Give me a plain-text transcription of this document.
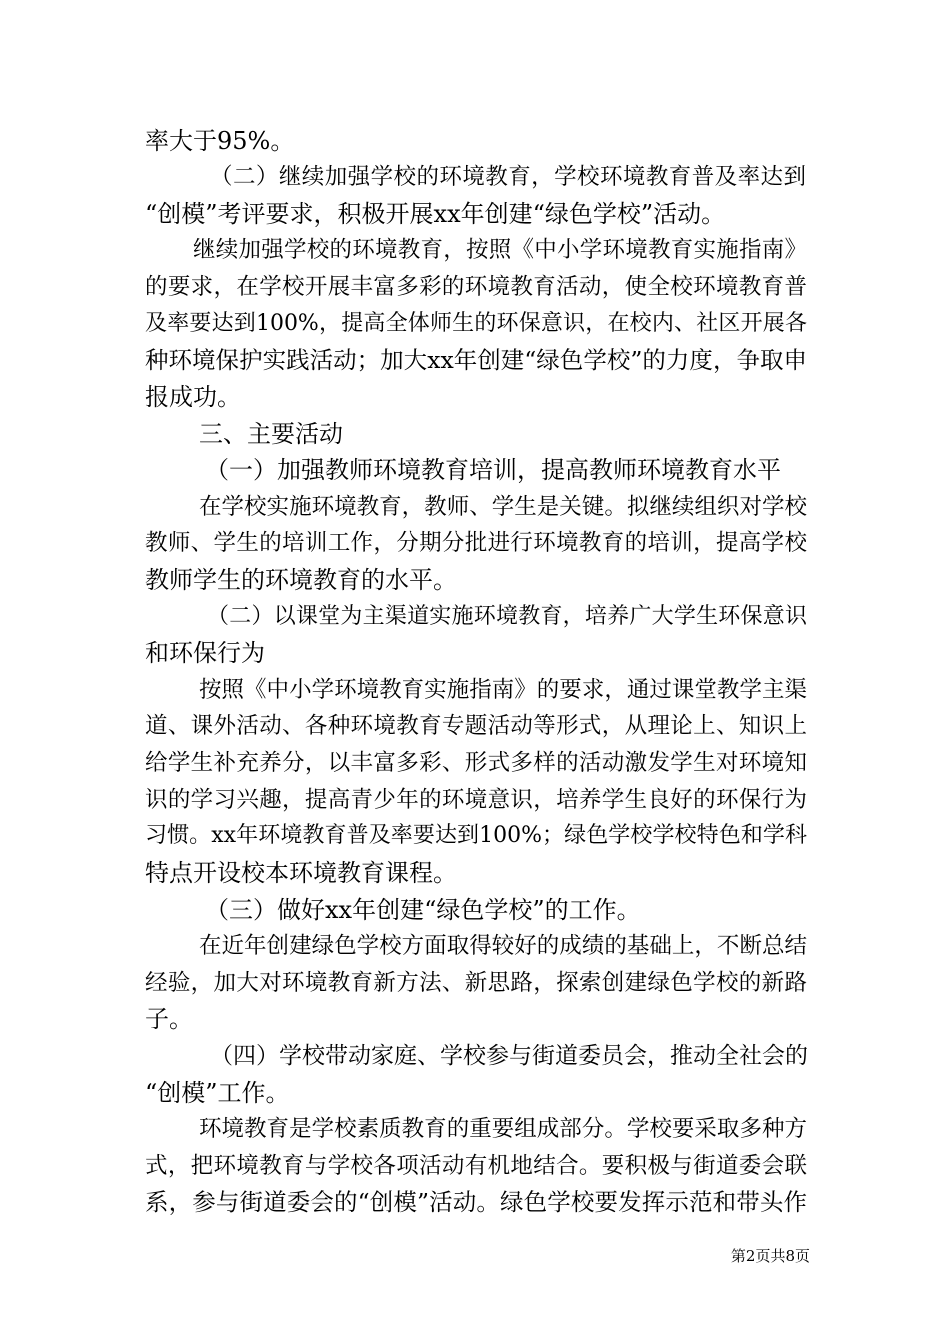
率大于95%。
（二）继续加强学校的环境教育，学校环境教育普及率达到
“创模”考评要求，积极开展xx年创建“绿色学校”活动。
继续加强学校的环境教育，按照《中小学环境教育实施指南》
的要求，在学校开展丰富多彩的环境教育活动，使全校环境教育普
及率要达到100%，提高全体师生的环保意识，在校内、社区开展各
种环境保护实践活动；加大xx年创建“绿色学校”的力度，争取申
报成功。
三、主要活动
（一）加强教师环境教育培训，提高教师环境教育水平
在学校实施环境教育，教师、学生是关键。拟继续组织对学校
教师、学生的培训工作，分期分批进行环境教育的培训，提高学校
教师学生的环境教育的水平。
（二）以课堂为主渠道实施环境教育，培养广大学生环保意识
和环保行为
按照《中小学环境教育实施指南》的要求，通过课堂教学主渠
道、课外活动、各种环境教育专题活动等形式，从理论上、知识上
给学生补充养分，以丰富多彩、形式多样的活动激发学生对环境知
识的学习兴趣，提高青少年的环境意识，培养学生良好的环保行为
习惯。xx年环境教育普及率要达到100%；绿色学校学校特色和学科
特点开设校本环境教育课程。
（三）做好xx年创建“绿色学校”的工作。
在近年创建绿色学校方面取得较好的成绩的基础上，不断总结
经验，加大对环境教育新方法、新思路，探索创建绿色学校的新路
子。
（四）学校带动家庭、学校参与街道委员会，推动全社会的
“创模”工作。
环境教育是学校素质教育的重要组成部分。学校要采取多种方
式，把环境教育与学校各项活动有机地结合。要积极与街道委会联
系，参与街道委会的“创模”活动。绿色学校要发挥示范和带头作
第2页共8页
